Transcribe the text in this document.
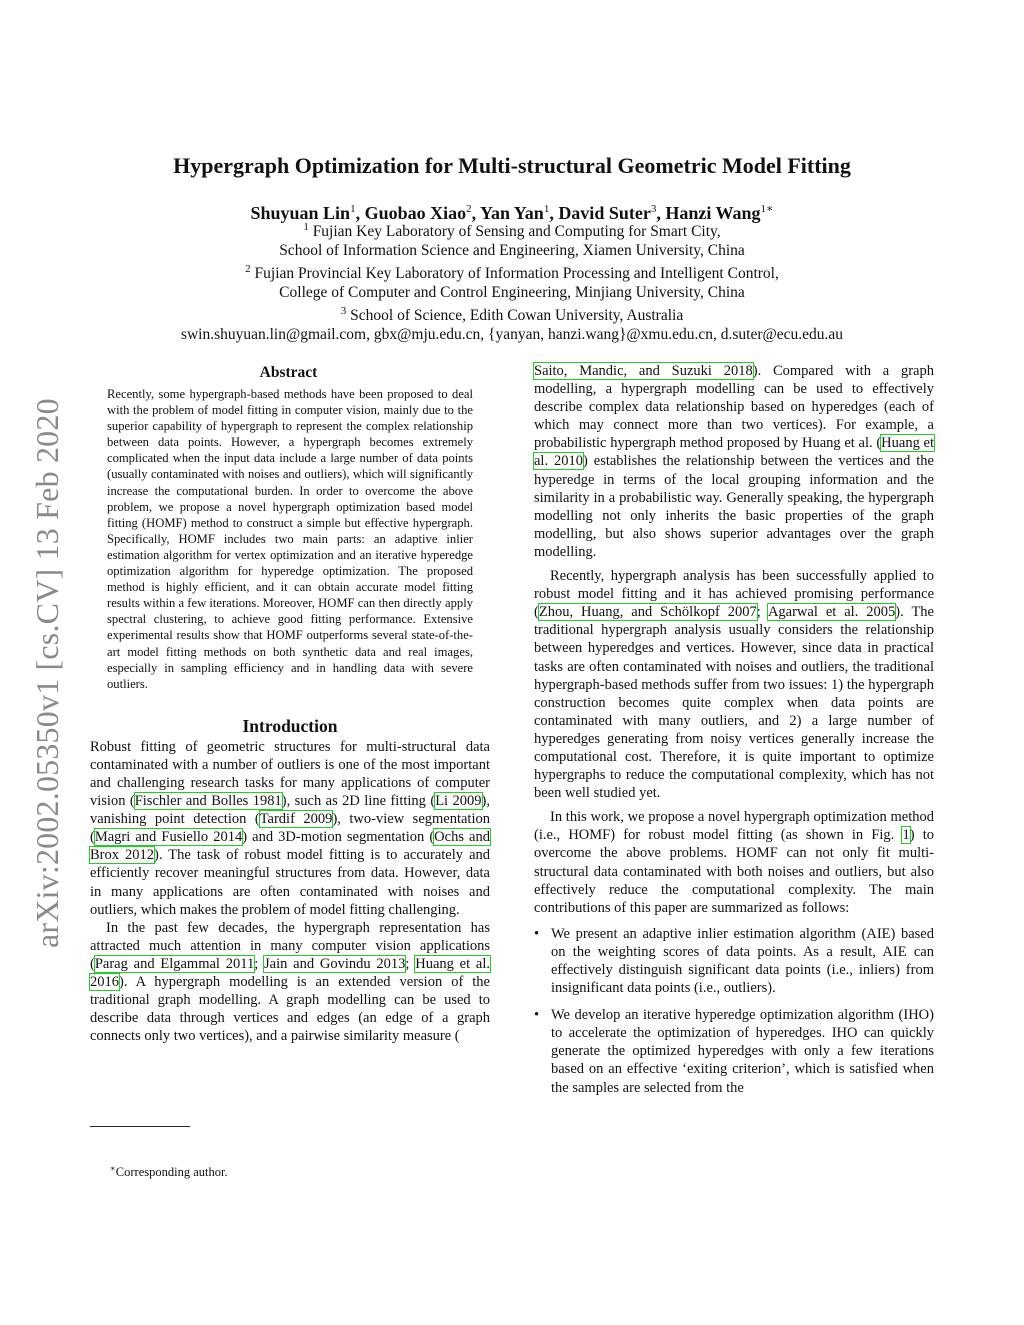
arXiv:2002.05350v1 [cs.CV] 13 Feb 2020
Hypergraph Optimization for Multi-structural Geometric Model Fitting
Shuyuan Lin$^1$, Guobao Xiao$^2$, Yan Yan$^1$, David Suter$^3$, Hanzi Wang$^{1∗}$

$^1$ Fujian Key Laboratory of Sensing and Computing for Smart City,

School of Information Science and Engineering, Xiamen University, China

$^2$ Fujian Provincial Key Laboratory of Information Processing and Intelligent Control,

College of Computer and Control Engineering, Minjiang University, China

$^3$ School of Science, Edith Cowan University, Australia

swin.shuyuan.lin@gmail.com, gbx@mju.edu.cn, {yanyan, hanzi.wang}@xmu.edu.cn, d.suter@ecu.edu.au

Abstract

Recently, some hypergraph-based methods have been proposed to deal with the problem of model fitting in computer vision, mainly due to the superior capability of hypergraph to represent the complex relationship between data points. However, a hypergraph becomes extremely complicated when the input data include a large number of data points (usually contaminated with noises and outliers), which will significantly increase the computational burden. In order to overcome the above problem, we propose a novel hypergraph optimization based model fitting (HOMF) method to construct a simple but effective hypergraph. Specifically, HOMF includes two main parts: an adaptive inlier estimation algorithm for vertex optimization and an iterative hyperedge optimization algorithm for hyperedge optimization. The proposed method is highly efficient, and it can obtain accurate model fitting results within a few iterations. Moreover, HOMF can then directly apply spectral clustering, to achieve good fitting performance. Extensive experimental results show that HOMF outperforms several state-of-the-art model fitting methods on both synthetic data and real images, especially in sampling efficiency and in handling data with severe outliers.

Introduction

Robust fitting of geometric structures for multi-structural data contaminated with a number of outliers is one of the most important and challenging research tasks for many applications of computer vision (Fischler and Bolles 1981), such as 2D line fitting (Li 2009), vanishing point detection (Tardif 2009), two-view segmentation (Magri and Fusiello 2014) and 3D-motion segmentation (Ochs and Brox 2012). The task of robust model fitting is to accurately and efficiently recover meaningful structures from data. However, data in many applications are often contaminated with noises and outliers, which makes the problem of model fitting challenging.

In the past few decades, the hypergraph representation has attracted much attention in many computer vision applications (Parag and Elgammal 2011; Jain and Govindu 2013; Huang et al. 2016). A hypergraph modelling is an extended version of the traditional graph modelling. A graph modelling can be used to describe data through vertices and edges (an edge of a graph connects only two vertices), and a pairwise similarity measure (

∗Corresponding author.

Saito, Mandic, and Suzuki 2018). Compared with a graph modelling, a hypergraph modelling can be used to effectively describe complex data relationship based on hyperedges (each of which may connect more than two vertices). For example, a probabilistic hypergraph method proposed by Huang et al. (Huang et al. 2010) establishes the relationship between the vertices and the hyperedge in terms of the local grouping information and the similarity in a probabilistic way. Generally speaking, the hypergraph modelling not only inherits the basic properties of the graph modelling, but also shows superior advantages over the graph modelling.

Recently, hypergraph analysis has been successfully applied to robust model fitting and it has achieved promising performance (Zhou, Huang, and Schölkopf 2007; Agarwal et al. 2005). The traditional hypergraph analysis usually considers the relationship between hyperedges and vertices. However, since data in practical tasks are often contaminated with noises and outliers, the traditional hypergraph-based methods suffer from two issues: 1) the hypergraph construction becomes quite complex when data points are contaminated with many outliers, and 2) a large number of hyperedges generating from noisy vertices generally increase the computational cost. Therefore, it is quite important to optimize hypergraphs to reduce the computational complexity, which has not been well studied yet.

In this work, we propose a novel hypergraph optimization method (i.e., HOMF) for robust model fitting (as shown in Fig. 1) to overcome the above problems. HOMF can not only fit multi-structural data contaminated with both noises and outliers, but also effectively reduce the computational complexity. The main contributions of this paper are summarized as follows:

• We present an adaptive inlier estimation algorithm (AIE) based on the weighting scores of data points. As a result, AIE can effectively distinguish significant data points (i.e., inliers) from insignificant data points (i.e., outliers).
• We develop an iterative hyperedge optimization algorithm (IHO) to accelerate the optimization of hyperedges. IHO can quickly generate the optimized hyperedges with only a few iterations based on an effective ‘exiting criterion’, which is satisfied when the samples are selected from the
